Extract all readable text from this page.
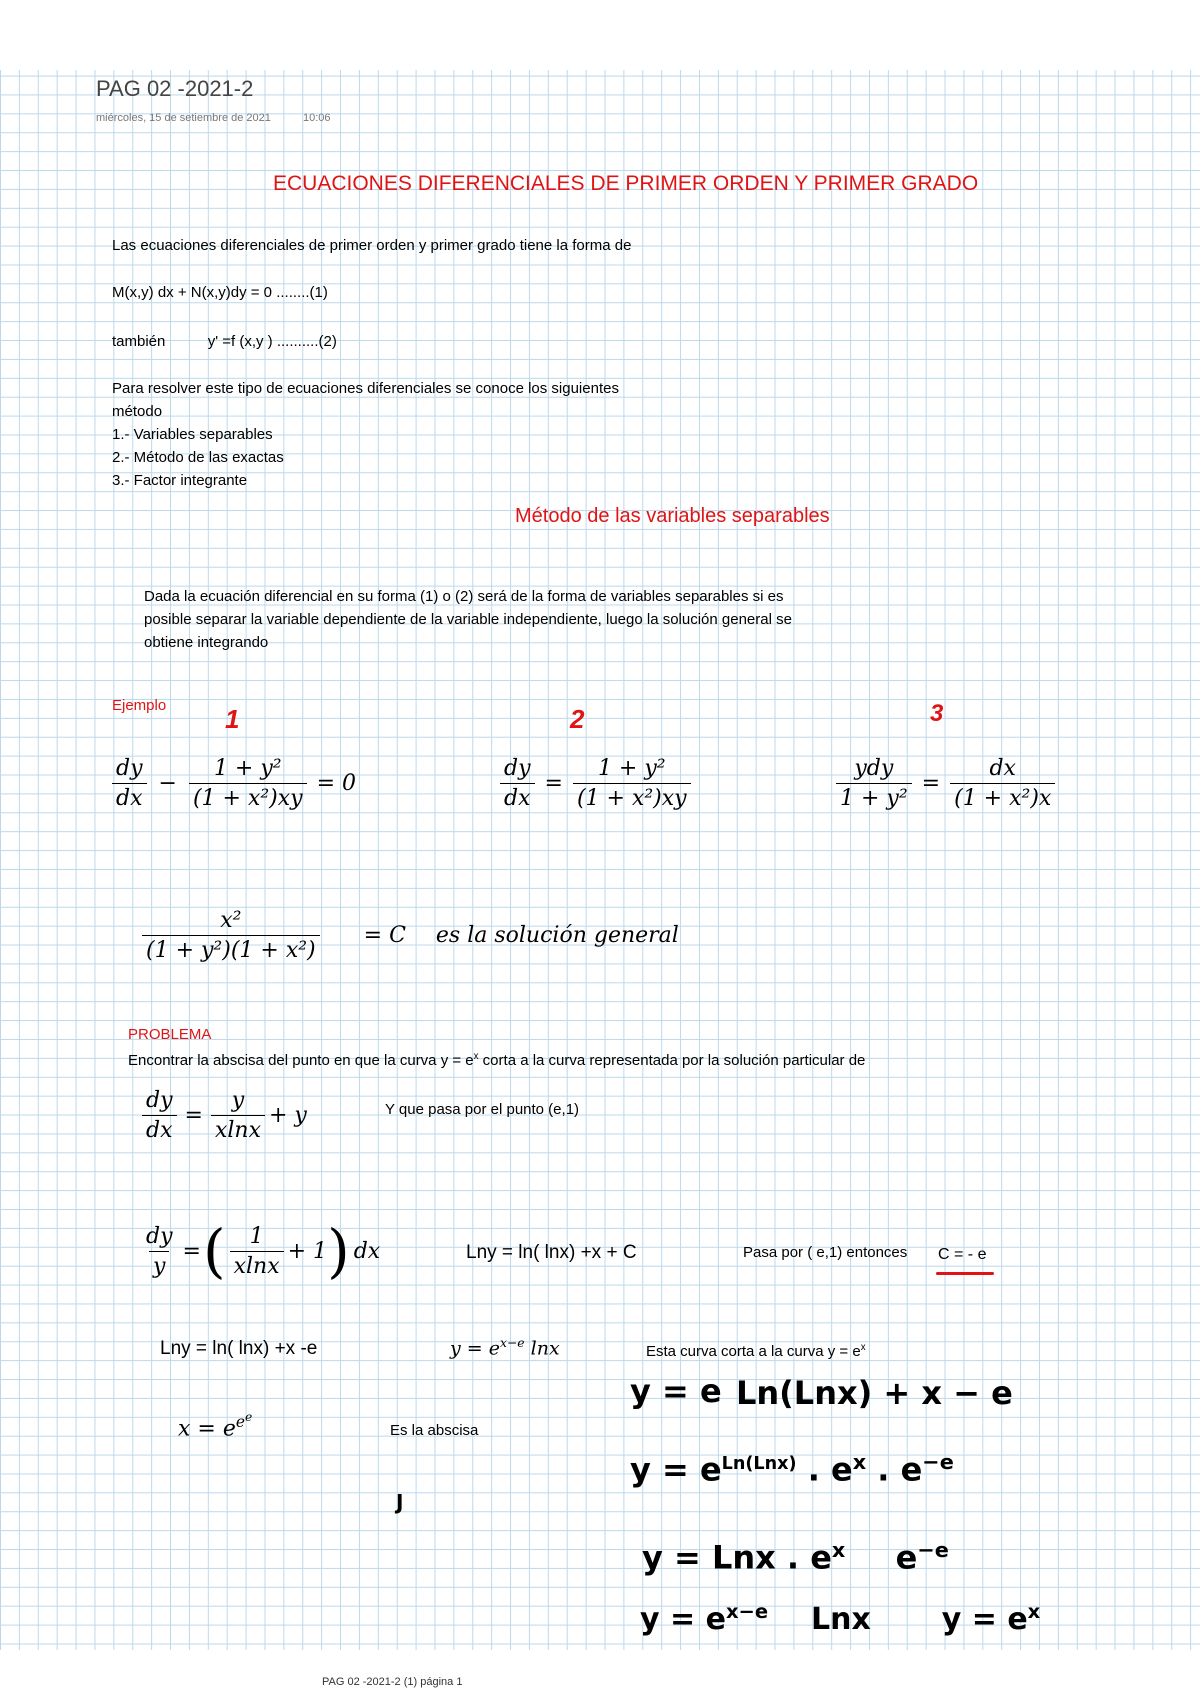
PAG 02 -2021-2
miércoles, 15 de setiembre de 2021	10:06
ECUACIONES DIFERENCIALES DE PRIMER ORDEN Y PRIMER GRADO
Las ecuaciones diferenciales de primer orden y primer grado tiene la forma de
M(x,y) dx + N(x,y)dy = 0 ........(1)
también	y' =f (x,y ) ..........(2)
Para resolver este tipo de ecuaciones diferenciales se conoce los siguientes
método
1.- Variables separables
2.- Método de las exactas
3.- Factor integrante
Método de las variables separables
Dada la ecuación diferencial en su forma (1) o (2) será de la forma de variables separables si es
posible separar la variable dependiente de la variable independiente, luego la solución general se
obtiene integrando
Ejemplo 1	2	3
$\frac{dy}{dx} - \frac{\text{1 + y²}}{\text{(1 + x²)xy}} = 0$	$\frac{dy}{dx} = \frac{\text{1 + y²}}{\text{(1 + x²)xy}}$	$\frac{\text{ydy}}{\text{1 + y²}} = \frac{dx}{\text{(1 + x²)x}}$
$\frac{\text{x²}}{\text{(1 + y²)(1 + x²)}} = C$ es la solución general
PROBLEMA
Encontrar la abscisa del punto en que la curva $y = e^x$ corta a la curva representada por la solución particular de
$\frac{dy}{dx} = \frac{y}{xlnx} + y$	Y que pasa por el punto (e,1)
$\frac{dy}{y}$ = ( $\frac{1}{xlnx} + 1$ ) dx	Lny = ln( lnx) +x + C	Pasa por ( e,1) entonces C = - e
Lny = ln( lnx) +x -e	$y = e^{x-e}$ lnx	Esta curva corta a la curva $y = e^x$
$x = e^{e^e}$
Es la abscisa
J
y = e Ln(Lnx) + x − e
$y = e^{Ln(Lnx)}$ . $e^x$ . $e^{-e}$
y = Lnx . $e^x$ $e^{-e}$
$y = e^{x-e}$ Lnx $y = e^x$
PAG 02 -2021-2 (1) página 1
